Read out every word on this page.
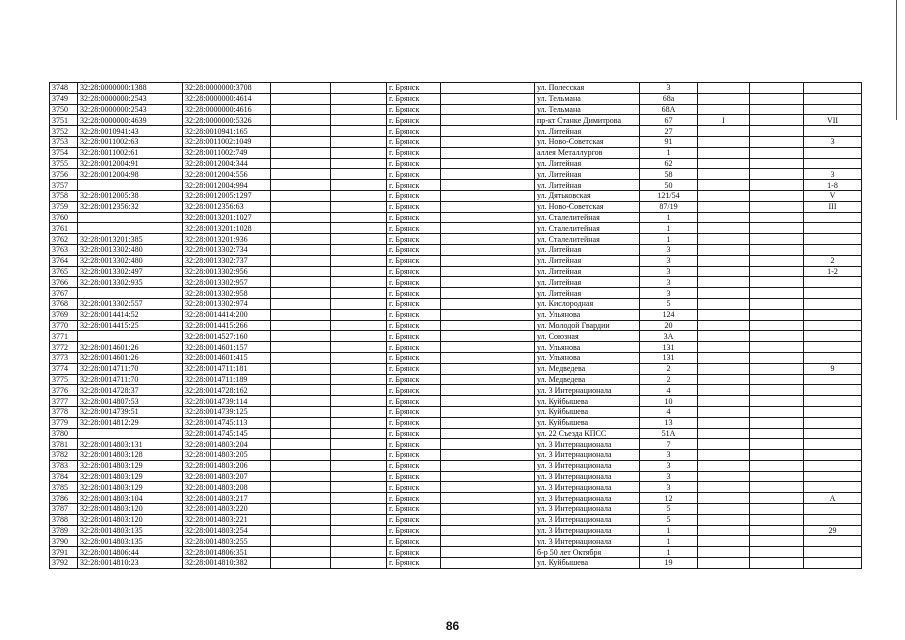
3748	32:28:0000000:1388	32:28:0000000:3708			г. Брянск		ул. Полесская	3			
3749	32:28:0000000:2543	32:28:0000000:4614			г. Брянск		ул. Тельмана	68а			
3750	32:28:0000000:2543	32:28:0000000:4616			г. Брянск		ул. Тельмана	68А			
3751	32:28:0000000:4639	32:28:0000000:5326			г. Брянск		пр-кт Станке Димитрова	67	I		VII
3752	32:28:0010941:43	32:28:0010941:165			г. Брянск		ул. Литейная	27			
3753	32:28:0011002:63	32:28:0011002:1049			г. Брянск		ул. Ново-Советская	91			3
3754	32:28:0011002:61	32:28:0011002:749			г. Брянск		аллея Металлургов	1			
3755	32:28:0012004:91	32:28:0012004:344			г. Брянск		ул. Литейная	62			
3756	32:28:0012004:98	32:28:0012004:556			г. Брянск		ул. Литейная	58			3
3757		32:28:0012004:994			г. Брянск		ул. Литейная	50			1-8
3758	32:28:0012005:38	32:28:0012005:1297			г. Брянск		ул. Дятьковская	121/54			V
3759	32:28:0012356:32	32:28:0012356:63			г. Брянск		ул. Ново-Советская	87/19			III
3760		32:28:0013201:1027			г. Брянск		ул. Сталелитейная	1			
3761		32:28:0013201:1028			г. Брянск		ул. Сталелитейная	1			
3762	32:28:0013201:385	32:28:0013201:936			г. Брянск		ул. Сталелитейная	1			
3763	32:28:0013302:480	32:28:0013302:734			г. Брянск		ул. Литейная	3			
3764	32:28:0013302:480	32:28:0013302:737			г. Брянск		ул. Литейная	3			2
3765	32:28:0013302:497	32:28:0013302:956			г. Брянск		ул. Литейная	3			1-2
3766	32:28:0013302:935	32:28:0013302:957			г. Брянск		ул. Литейная	3			
3767		32:28:0013302:958			г. Брянск		ул. Литейная	3			
3768	32:28:0013302:557	32:28:0013302:974			г. Брянск		ул. Кислородная	5			
3769	32:28:0014414:52	32:28:0014414:200			г. Брянск		ул. Ульянова	124			
3770	32:28:0014415:25	32:28:0014415:266			г. Брянск		ул. Молодой Гвардии	20			
3771		32:28:0014527:160			г. Брянск		ул. Союзная	3А			
3772	32:28:0014601:26	32:28:0014601:157			г. Брянск		ул. Ульянова	131			
3773	32:28:0014601:26	32:28:0014601:415			г. Брянск		ул. Ульянова	131			
3774	32:28:0014711:70	32:28:0014711:181			г. Брянск		ул. Медведева	2			9
3775	32:28:0014711:70	32:28:0014711:189			г. Брянск		ул. Медведева	2			
3776	32:28:0014728:37	32:28:0014728:162			г. Брянск		ул. 3 Интернационала	4			
3777	32:28:0014807:53	32:28:0014739:114			г. Брянск		ул. Куйбышева	10			
3778	32:28:0014739:51	32:28:0014739:125			г. Брянск		ул. Куйбышева	4			
3779	32:28:0014812:29	32:28:0014745:113			г. Брянск		ул. Куйбышева	13			
3780		32:28:0014745:145			г. Брянск		ул. 22 Съезда КПСС	51А			
3781	32:28:0014803:131	32:28:0014803:204			г. Брянск		ул. 3 Интернационала	7			
3782	32:28:0014803:128	32:28:0014803:205			г. Брянск		ул. 3 Интернационала	3			
3783	32:28:0014803:129	32:28:0014803:206			г. Брянск		ул. 3 Интернационала	3			
3784	32:28:0014803:129	32:28:0014803:207			г. Брянск		ул. 3 Интернационала	3			
3785	32:28:0014803:129	32:28:0014803:208			г. Брянск		ул. 3 Интернационала	3			
3786	32:28:0014803:104	32:28:0014803:217			г. Брянск		ул. 3 Интернационала	12			А
3787	32:28:0014803:120	32:28:0014803:220			г. Брянск		ул. 3 Интернационала	5			
3788	32:28:0014803:120	32:28:0014803:221			г. Брянск		ул. 3 Интернационала	5			
3789	32:28:0014803:135	32:28:0014803:254			г. Брянск		ул. 3 Интернационала	1			29
3790	32:28:0014803:135	32:28:0014803:255			г. Брянск		ул. 3 Интернационала	1			
3791	32:28:0014806:44	32:28:0014806:351			г. Брянск		б-р 50 лет Октября	1			
3792	32:28:0014810:23	32:28:0014810:382			г. Брянск		ул. Куйбышева	19			
86
